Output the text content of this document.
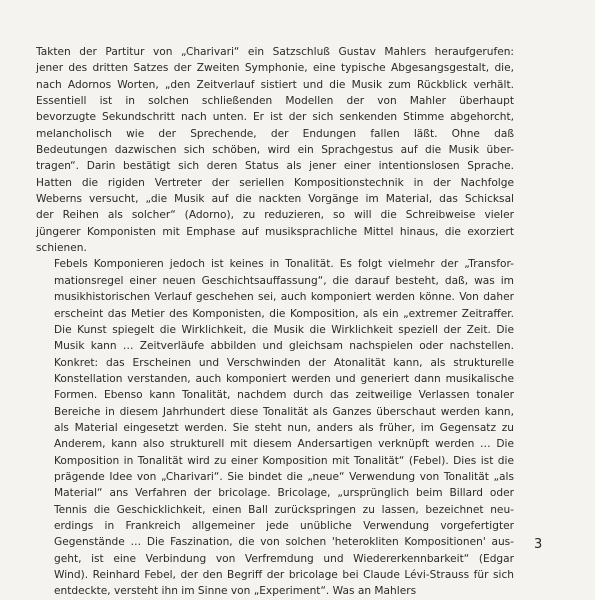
Takten der Partitur von „Charivari“ ein Satzschluß Gustav Mahlers heraufgerufen:
jener des dritten Satzes der Zweiten Symphonie, eine typische Abgesangsgestalt, die,
nach Adornos Worten, „den Zeitverlauf sistiert und die Musik zum Rückblick verhält.
Essentiell ist in solchen schließenden Modellen der von Mahler überhaupt
bevorzugte Sekundschritt nach unten. Er ist der sich senkenden Stimme abgehorcht,
melancholisch wie der Sprechende, der Endungen fallen läßt. Ohne daß
Bedeutungen dazwischen sich schöben, wird ein Sprachgestus auf die Musik über-
tragen“. Darin bestätigt sich deren Status als jener einer intentionslosen Sprache.
Hatten die rigiden Vertreter der seriellen Kompositionstechnik in der Nachfolge
Weberns versucht, „die Musik auf die nackten Vorgänge im Material, das Schicksal
der Reihen als solcher“ (Adorno), zu reduzieren, so will die Schreibweise vieler
jüngerer Komponisten mit Emphase auf musiksprachliche Mittel hinaus, die exorziert
schienen.

Febels Komponieren jedoch ist keines in Tonalität. Es folgt vielmehr der „Transfor-
mationsregel einer neuen Geschichtsauffassung“, die darauf besteht, daß, was im
musikhistorischen Verlauf geschehen sei, auch komponiert werden könne. Von daher
erscheint das Metier des Komponisten, die Komposition, als ein „extremer Zeitraffer.
Die Kunst spiegelt die Wirklichkeit, die Musik die Wirklichkeit speziell der Zeit. Die
Musik kann … Zeitverläufe abbilden und gleichsam nachspielen oder nachstellen.
Konkret: das Erscheinen und Verschwinden der Atonalität kann, als strukturelle
Konstellation verstanden, auch komponiert werden und generiert dann musikalische
Formen. Ebenso kann Tonalität, nachdem durch das zeitweilige Verlassen tonaler
Bereiche in diesem Jahrhundert diese Tonalität als Ganzes überschaut werden kann,
als Material eingesetzt werden. Sie steht nun, anders als früher, im Gegensatz zu
Anderem, kann also strukturell mit diesem Andersartigen verknüpft werden … Die
Komposition in Tonalität wird zu einer Komposition mit Tonalität“ (Febel). Dies ist die
prägende Idee von „Charivari“. Sie bindet die „neue“ Verwendung von Tonalität „als
Material“ ans Verfahren der bricolage. Bricolage, „ursprünglich beim Billard oder
Tennis die Geschicklichkeit, einen Ball zurückspringen zu lassen, bezeichnet neu-
erdings in Frankreich allgemeiner jede unübliche Verwendung vorgefertigter
Gegenstände … Die Faszination, die von solchen 'heterokliten Kompositionen' aus-
geht, ist eine Verbindung von Verfremdung und Wiedererkennbarkeit“ (Edgar
Wind). Reinhard Febel, der den Begriff der bricolage bei Claude Lévi-Strauss für sich
entdeckte, versteht ihn im Sinne von „Experiment“. Was an Mahlers

3
